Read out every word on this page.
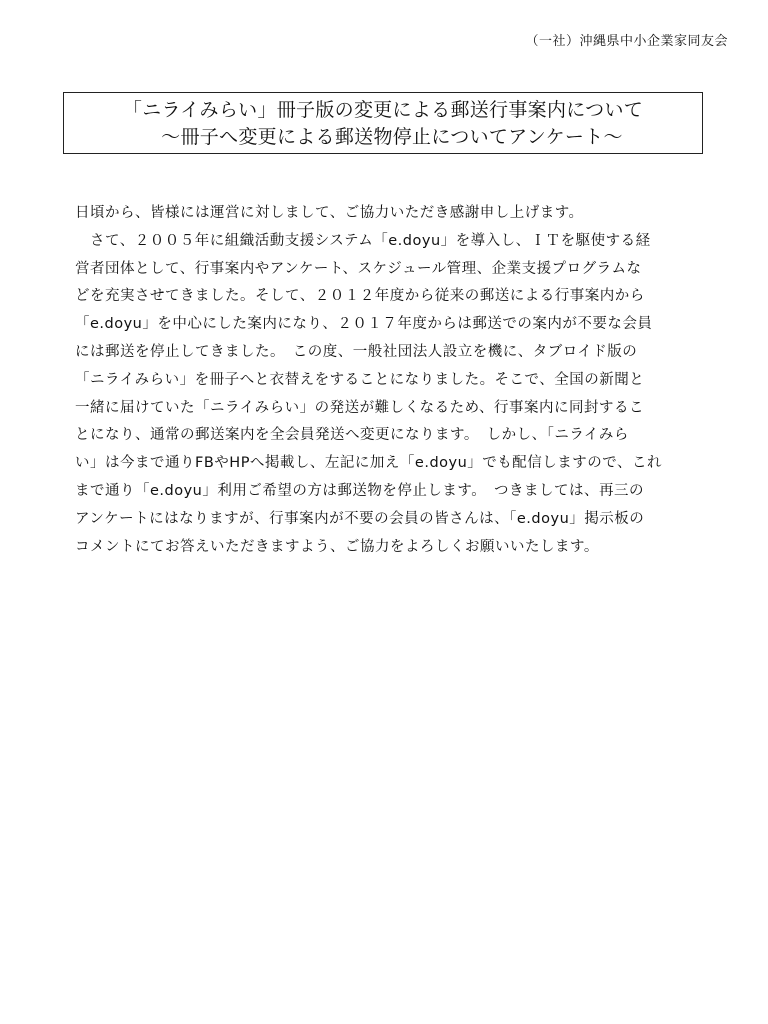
（一社）沖縄県中小企業家同友会
「ニライみらい」冊子版の変更による郵送行事案内について
～冊子へ変更による郵送物停止についてアンケート～
日頃から、皆様には運営に対しまして、ご協力いただき感謝申し上げます。
　さて、２００５年に組織活動支援システム「e.doyu」を導入し、ＩＴを駆使する経
営者団体として、行事案内やアンケート、スケジュール管理、企業支援プログラムな
どを充実させてきました。そして、２０１２年度から従来の郵送による行事案内から
「e.doyu」を中心にした案内になり、２０１７年度からは郵送での案内が不要な会員
には郵送を停止してきました。　この度、一般社団法人設立を機に、タブロイド版の
「ニライみらい」を冊子へと衣替えをすることになりました。そこで、全国の新聞と
一緒に届けていた「ニライみらい」の発送が難しくなるため、行事案内に同封するこ
とになり、通常の郵送案内を全会員発送へ変更になります。　しかし、「ニライみら
い」は今まで通りFBやHPへ掲載し、左記に加え「e.doyu」でも配信しますので、これ
まで通り「e.doyu」利用ご希望の方は郵送物を停止します。　つきましては、再三の
アンケートにはなりますが、行事案内が不要の会員の皆さんは、「e.doyu」掲示板の
コメントにてお答えいただきますよう、ご協力をよろしくお願いいたします。
